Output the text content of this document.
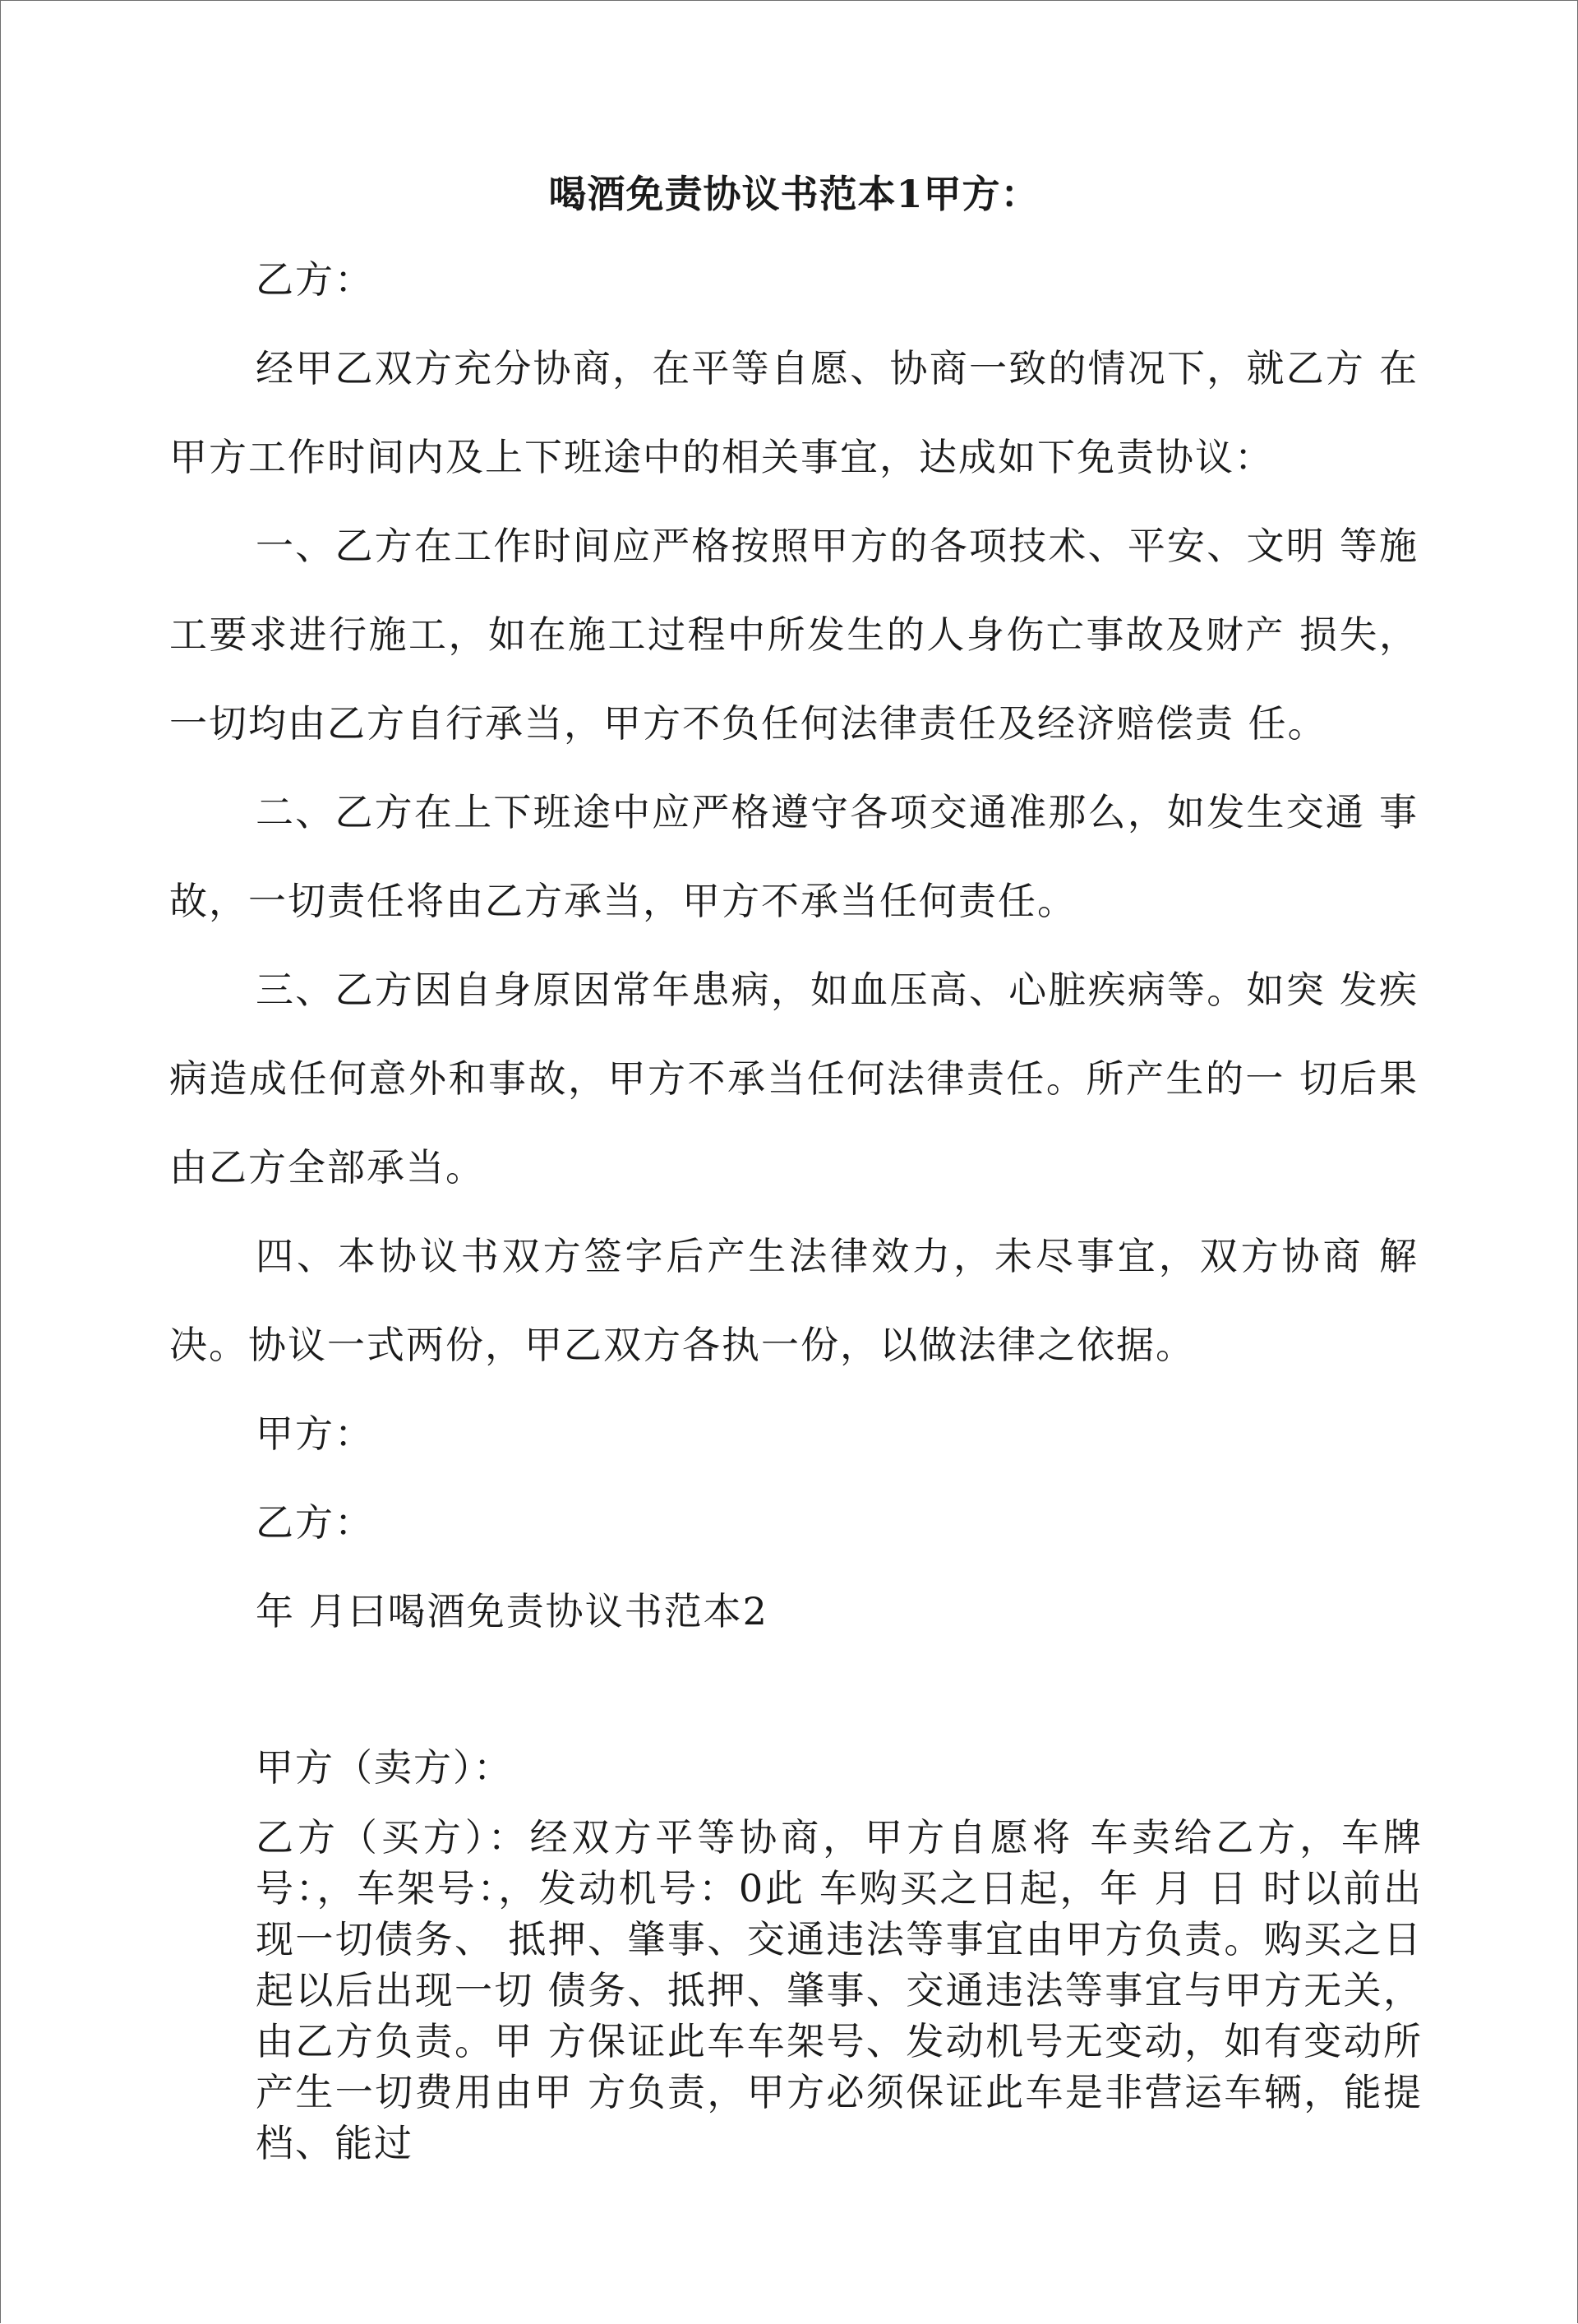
喝酒免责协议书范本1甲方：

乙方：

经甲乙双方充分协商，在平等自愿、协商一致的情况下，就乙方 在甲方工作时间内及上下班途中的相关事宜，达成如下免责协议：

一、乙方在工作时间应严格按照甲方的各项技术、平安、文明 等施工要求进行施工，如在施工过程中所发生的人身伤亡事故及财产 损失，一切均由乙方自行承当，甲方不负任何法律责任及经济赔偿责 任。

二、乙方在上下班途中应严格遵守各项交通准那么，如发生交通 事故，一切责任将由乙方承当，甲方不承当任何责任。

三、乙方因自身原因常年患病，如血压高、心脏疾病等。如突 发疾病造成任何意外和事故，甲方不承当任何法律责任。所产生的一 切后果由乙方全部承当。

四、本协议书双方签字后产生法律效力，未尽事宜，双方协商 解决。协议一式两份，甲乙双方各执一份，以做法律之依据。

甲方：

乙方：

年 月曰喝酒免责协议书范本2

甲方（卖方）：

乙方（买方）：经双方平等协商，甲方自愿将 车卖给乙方，车牌号：，车架号：，发动机号：0此 车购买之日起，年 月 日 时以前出现一切债务、 抵押、肇事、交通违法等事宜由甲方负责。购买之日起以后出现一切 债务、抵押、肇事、交通违法等事宜与甲方无关，由乙方负责。甲 方保证此车车架号、发动机号无变动，如有变动所产生一切费用由甲 方负责，甲方必须保证此车是非营运车辆，能提档、能过
